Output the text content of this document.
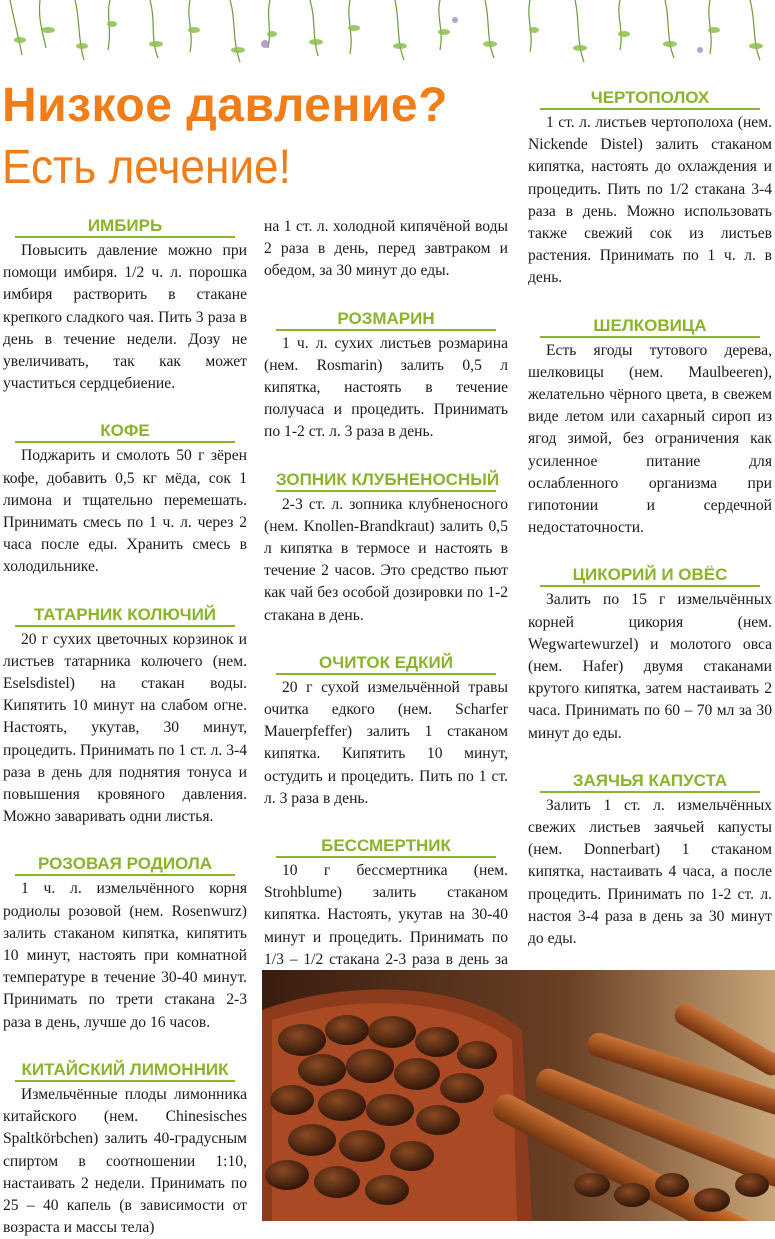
Низкое давление?
Есть лечение!
ИМБИРЬ

Повысить давление можно при помощи имбиря. 1/2 ч. л. порошка имбиря растворить в стакане крепкого сладкого чая. Пить 3 раза в день в течение недели. Дозу не увеличивать, так как может участиться сердцебиение.

КОФЕ

Поджарить и смолоть 50 г зёрен кофе, добавить 0,5 кг мёда, сок 1 лимона и тщательно перемешать. Принимать смесь по 1 ч. л. через 2 часа после еды. Хранить смесь в холодильнике.

ТАТАРНИК КОЛЮЧИЙ

20 г сухих цветочных корзинок и листьев татарника колючего (нем. Eselsdistel) на стакан воды. Кипятить 10 минут на слабом огне. Настоять, укутав, 30 минут, процедить. Принимать по 1 ст. л. 3-4 раза в день для поднятия тонуса и повышения кровяного давления. Можно заваривать одни листья.

РОЗОВАЯ РОДИОЛА

1 ч. л. измельчённого корня родиолы розовой (нем. Rosenwurz) залить стаканом кипятка, кипятить 10 минут, настоять при комнатной температуре в течение 30-40 минут. Принимать по трети стакана 2-3 раза в день, лучше до 16 часов.

КИТАЙСКИЙ ЛИМОННИК

Измельчённые плоды лимонника китайского (нем. Chinesisches Spaltkörbchen) залить 40-градусным спиртом в соотношении 1:10, настаивать 2 недели. Принимать по 25 – 40 капель (в зависимости от возраста и массы тела)

на 1 ст. л. холодной кипячёной воды 2 раза в день, перед завтраком и обедом, за 30 минут до еды.

РОЗМАРИН

1 ч. л. сухих листьев розмарина (нем. Rosmarin) залить 0,5 л кипятка, настоять в течение получаса и процедить. Принимать по 1-2 ст. л. 3 раза в день.

ЗОПНИК КЛУБНЕНОСНЫЙ

2-3 ст. л. зопника клубненосного (нем. Knollen-Brandkraut) залить 0,5 л кипятка в термосе и настоять в течение 2 часов. Это средство пьют как чай без особой дозировки по 1-2 стакана в день.

ОЧИТОК ЕДКИЙ

20 г сухой измельчённой травы очитка едкого (нем. Scharfer Mauerpfeffer) залить 1 стаканом кипятка. Кипятить 10 минут, остудить и процедить. Пить по 1 ст. л. 3 раза в день.

БЕССМЕРТНИК

10 г бессмертника (нем. Strohblume) залить стаканом кипятка. Настоять, укутав на 30-40 минут и процедить. Принимать по 1/3 – 1/2 стакана 2-3 раза в день за

ЧЕРТОПОЛОХ

1 ст. л. листьев чертополоха (нем. Nickende Distel) залить стаканом кипятка, настоять до охлаждения и процедить. Пить по 1/2 стакана 3-4 раза в день. Можно использовать также свежий сок из листьев растения. Принимать по 1 ч. л. в день.

ШЕЛКОВИЦА

Есть ягоды тутового дерева, шелковицы (нем. Maulbeeren), желательно чёрного цвета, в свежем виде летом или сахарный сироп из ягод зимой, без ограничения как усиленное питание для ослабленного организма при гипотонии и сердечной недостаточности.

ЦИКОРИЙ И ОВЁС

Залить по 15 г измельчённых корней цикория (нем. Wegwartewurzel) и молотого овса (нем. Hafer) двумя стаканами крутого кипятка, затем настаивать 2 часа. Принимать по 60 – 70 мл за 30 минут до еды.

ЗАЯЧЬЯ КАПУСТА

Залить 1 ст. л. измельчённых свежих листьев заячьей капусты (нем. Donnerbart) 1 стаканом кипятка, настаивать 4 часа, а после процедить. Принимать по 1-2 ст. л. настоя 3-4 раза в день за 30 минут до еды.
